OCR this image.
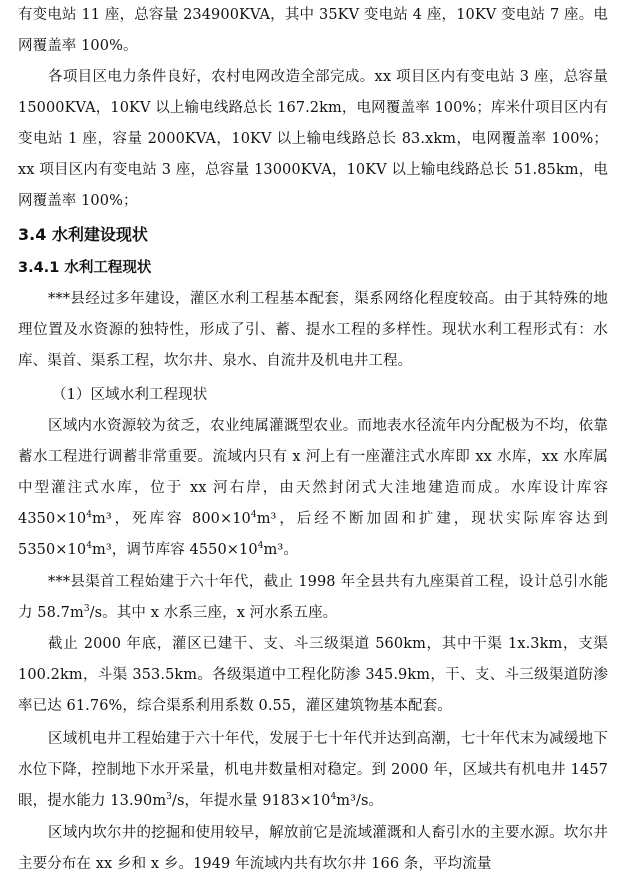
有变电站 11 座，总容量 234900KVA，其中 35KV 变电站 4 座，10KV 变电站 7 座。电网覆盖率 100%。

各项目区电力条件良好，农村电网改造全部完成。xx 项目区内有变电站 3 座，总容量 15000KVA，10KV 以上输电线路总长 167.2km，电网覆盖率 100%；库米什项目区内有变电站 1 座，容量 2000KVA，10KV 以上输电线路总长 83.xkm，电网覆盖率 100%；xx 项目区内有变电站 3 座，总容量 13000KVA，10KV 以上输电线路总长 51.85km，电网覆盖率 100%；

3.4 水利建设现状
3.4.1 水利工程现状

***县经过多年建设，灌区水利工程基本配套，渠系网络化程度较高。由于其特殊的地理位置及水资源的独特性，形成了引、蓄、提水工程的多样性。现状水利工程形式有：水库、渠首、渠系工程，坎尔井、泉水、自流井及机电井工程。

（1）区域水利工程现状

区域内水资源较为贫乏，农业纯属灌溉型农业。而地表水径流年内分配极为不均，依靠蓄水工程进行调蓄非常重要。流域内只有 x 河上有一座灌注式水库即 xx 水库，xx 水库属中型灌注式水库，位于 xx 河右岸，由天然封闭式大洼地建造而成。水库设计库容 $4350\times 10^4m^3$，死库容 $800\times 10^4m^3$，后经不断加固和扩建，现状实际库容达到 $5350\times 10^4m^3$，调节库容 $4550\times 10^4m^3$。

***县渠首工程始建于六十年代，截止 1998 年全县共有九座渠首工程，设计总引水能力 $58.7m^3/s$。其中 x 水系三座，x 河水系五座。

截止 2000 年底，灌区已建干、支、斗三级渠道 560km，其中干渠 1x.3km，支渠 100.2km，斗渠 353.5km。各级渠道中工程化防渗 345.9km，干、支、斗三级渠道防渗率已达 61.76%，综合渠系利用系数 0.55，灌区建筑物基本配套。

区域机电井工程始建于六十年代，发展于七十年代并达到高潮，七十年代末为减缓地下水位下降，控制地下水开采量，机电井数量相对稳定。到 2000 年，区域共有机电井 1457 眼，提水能力 $13.90m^3/s$，年提水量 $9183\times 10^4m^3/s$。

区域内坎尔井的挖掘和使用较早，解放前它是流域灌溉和人畜引水的主要水源。坎尔井主要分布在 xx 乡和 x 乡。1949 年流域内共有坎尔井 166 条，平均流量
